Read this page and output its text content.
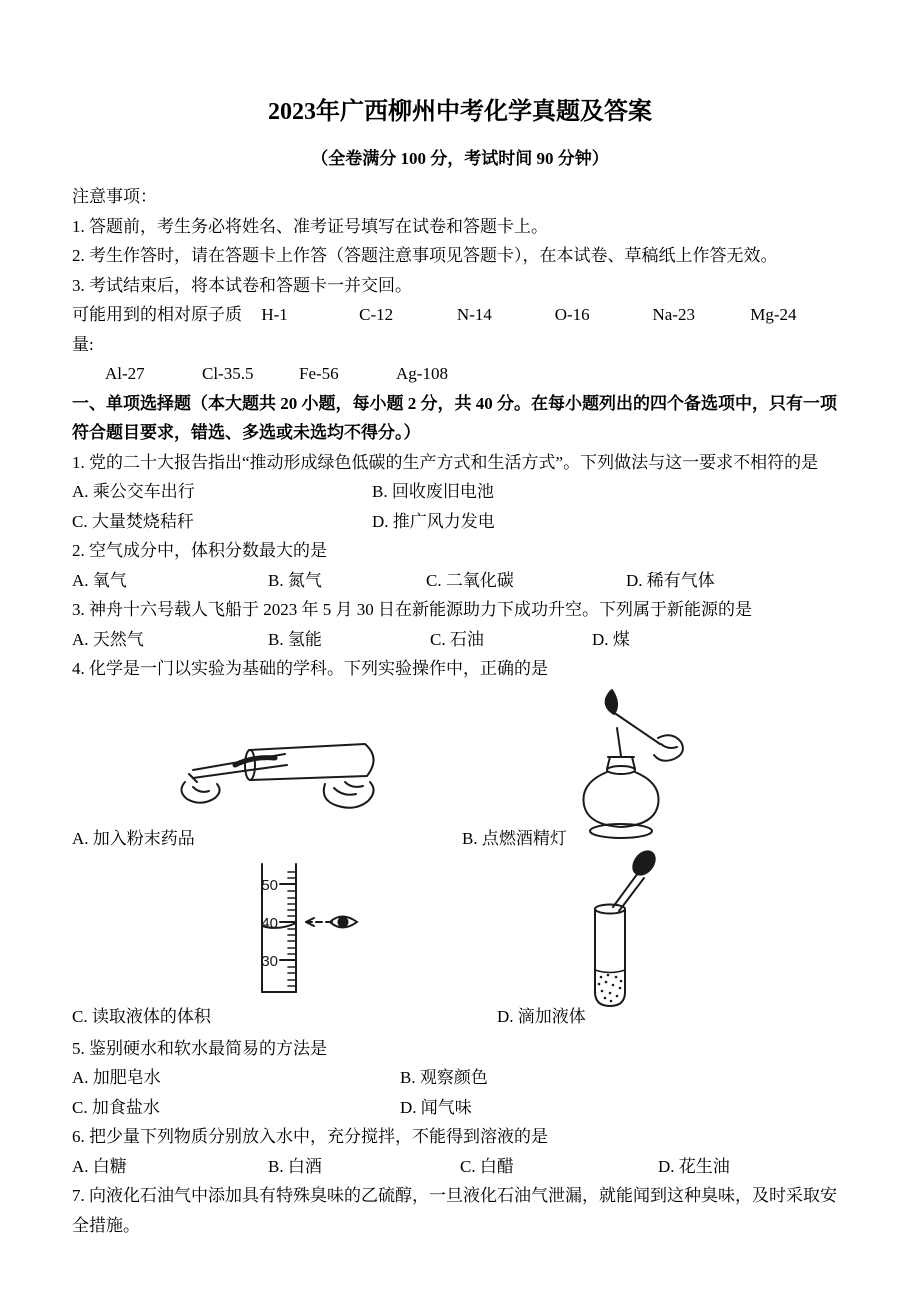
2023年广西柳州中考化学真题及答案
（全卷满分 100 分，考试时间 90 分钟）
注意事项：
1. 答题前，考生务必将姓名、准考证号填写在试卷和答题卡上。
2. 考生作答时，请在答题卡上作答（答题注意事项见答题卡），在本试卷、草稿纸上作答无效。
3. 考试结束后，将本试卷和答题卡一并交回。
可能用到的相对原子质量:
H-1	C-12	N-14	O-16	Na-23	Mg-24
Al-27	Cl-35.5	Fe-56	Ag-108
一、单项选择题（本大题共 20 小题，每小题 2 分，共 40 分。在每小题列出的四个备选项中，只有一项符合题目要求，错选、多选或未选均不得分。）
1. 党的二十大报告指出“推动形成绿色低碳的生产方式和生活方式”。下列做法与这一要求不相符的是
A. 乘公交车出行	B. 回收废旧电池
C. 大量焚烧秸秆	D. 推广风力发电
2. 空气成分中，体积分数最大的是
A. 氧气	B. 氮气	C. 二氧化碳	D. 稀有气体
3. 神舟十六号载人飞船于 2023 年 5 月 30 日在新能源助力下成功升空。下列属于新能源的是
A. 天然气	B. 氢能	C. 石油	D. 煤
4. 化学是一门以实验为基础的学科。下列实验操作中，正确的是
A. 加入粉末药品	B. 点燃酒精灯
50
40
30
C. 读取液体的体积	D. 滴加液体
5. 鉴别硬水和软水最简易的方法是
A. 加肥皂水	B. 观察颜色
C. 加食盐水	D. 闻气味
6. 把少量下列物质分别放入水中，充分搅拌，不能得到溶液的是
A. 白糖	B. 白酒	C. 白醋	D. 花生油
7. 向液化石油气中添加具有特殊臭味的乙硫醇，一旦液化石油气泄漏，就能闻到这种臭味，及时采取安全措施。
